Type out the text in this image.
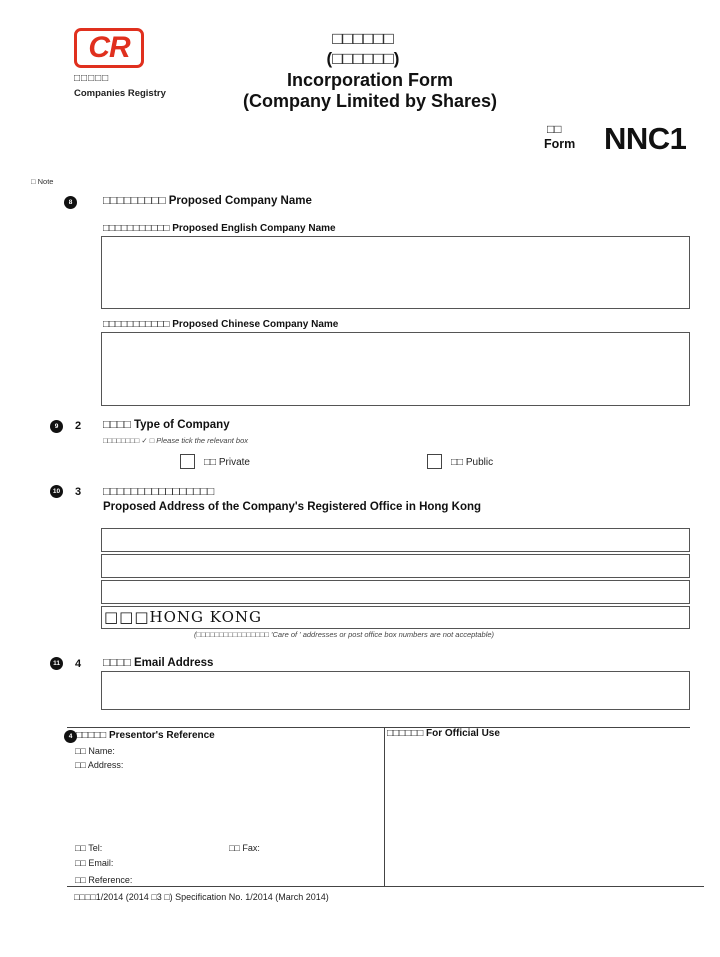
CR
□□□□□
Companies Registry
□□□□□□
(□□□□□□)
Incorporation Form
(Company Limited by Shares)
□□
Form NNC1
□ Note
8	□□□□□□□□□ Proposed Company Name
□□□□□□□□□□□ Proposed English Company Name
□□□□□□□□□□□ Proposed Chinese Company Name
9	2 □□□□ Type of Company
□□□□□□□□ ✓ □ Please tick the relevant box
□□ Private	□□ Public
10 3 □□□□□□□□□□□□□□□□
Proposed Address of the Company's Registered Office in Hong Kong
□□□HONG KONG
(□□□□□□□□□□□□□□□□ 'Care of ' addresses or post office box numbers are not acceptable)
11 4 □□□□ Email Address
4 □□□□□ Presentor's Reference
□□ Name:
□□ Address:
□□ Tel:	□□ Fax:
□□ Email:
□□ Reference:
□□□□□□ For Official Use
□□□□1/2014 (2014 □3 □) Specification No. 1/2014 (March 2014)
